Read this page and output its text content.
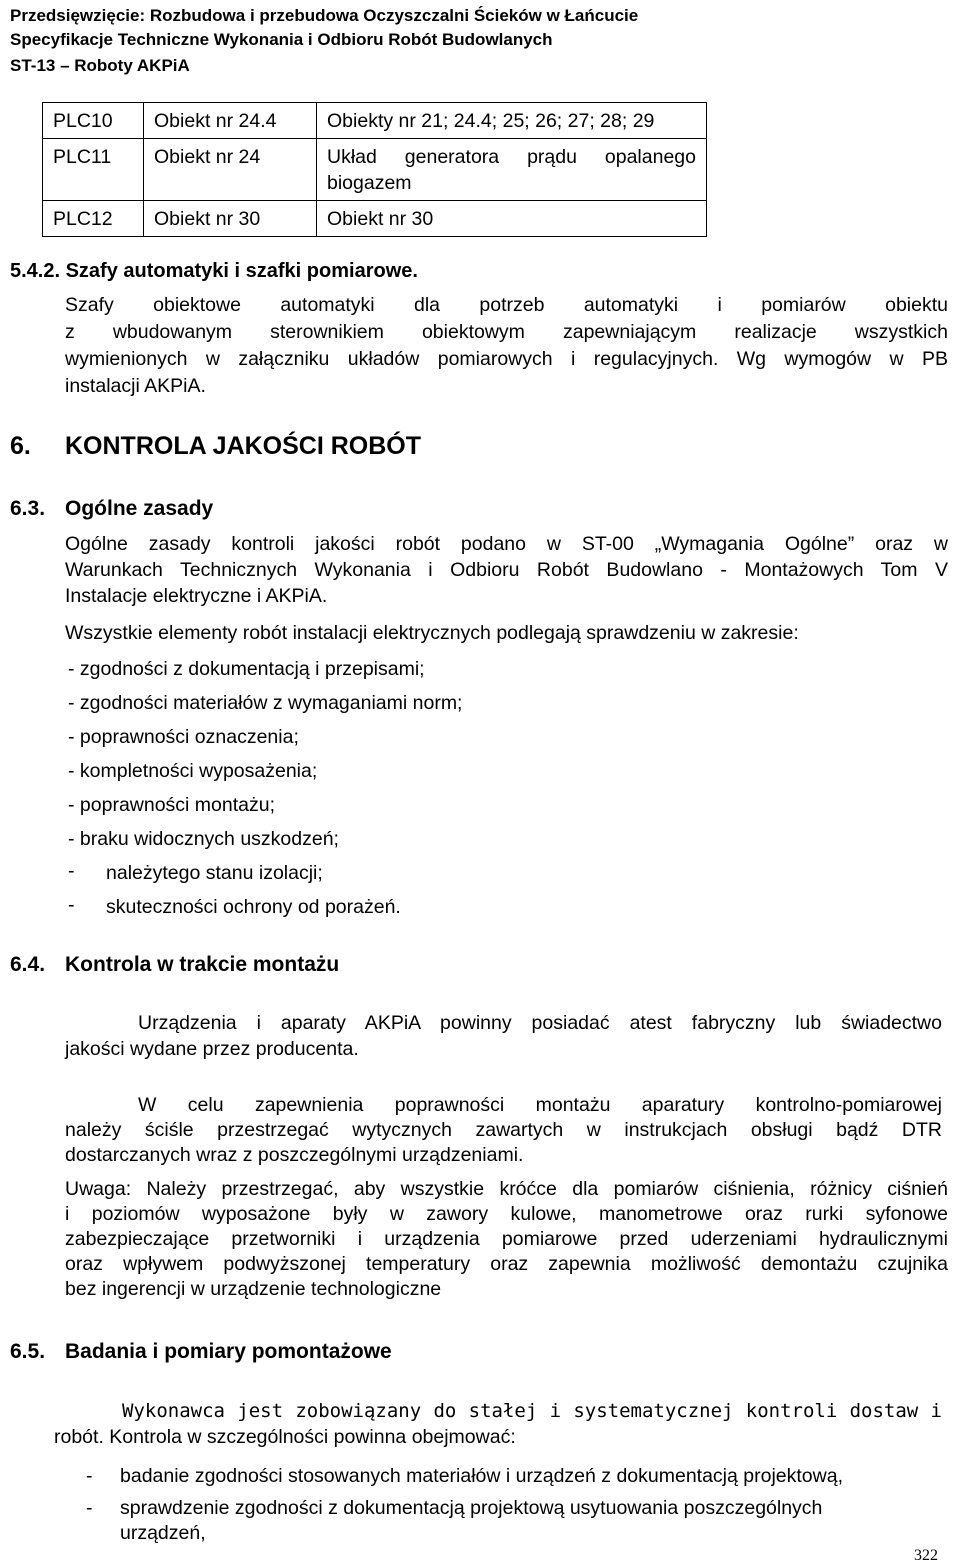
Przedsięwzięcie: Rozbudowa i przebudowa Oczyszczalni Ścieków w Łańcucie
Specyfikacje Techniczne Wykonania i Odbioru Robót Budowlanych
ST-13 – Roboty AKPiA
PLC10	Obiekt nr 24.4	Obiekty nr 21; 24.4; 25; 26; 27; 28; 29
PLC11	Obiekt nr 24	Układ generatora prądu opalanego
biogazem
PLC12	Obiekt nr 30	Obiekt nr 30
5.4.2. Szafy automatyki i szafki pomiarowe.
Szafy obiektowe automatyki dla potrzeb automatyki i pomiarów obiektu
z wbudowanym sterownikiem obiektowym zapewniającym realizacje wszystkich
wymienionych w załączniku układów pomiarowych i regulacyjnych. Wg wymogów w PB
instalacji AKPiA.
6. KONTROLA JAKOŚCI ROBÓT
6.3. Ogólne zasady
Ogólne zasady kontroli jakości robót podano w ST-00 „Wymagania Ogólne” oraz w
Warunkach Technicznych Wykonania i Odbioru Robót Budowlano - Montażowych Tom V
Instalacje elektryczne i AKPiA.
Wszystkie elementy robót instalacji elektrycznych podlegają sprawdzeniu w zakresie:
- zgodności z dokumentacją i przepisami;
- zgodności materiałów z wymaganiami norm;
- poprawności oznaczenia;
- kompletności wyposażenia;
- poprawności montażu;
- braku widocznych uszkodzeń;
- należytego stanu izolacji;
- skuteczności ochrony od porażeń.
6.4. Kontrola w trakcie montażu
Urządzenia i aparaty AKPiA powinny posiadać atest fabryczny lub świadectwo
jakości wydane przez producenta.
W celu zapewnienia poprawności montażu aparatury kontrolno-pomiarowej
należy ściśle przestrzegać wytycznych zawartych w instrukcjach obsługi bądź DTR
dostarczanych wraz z poszczególnymi urządzeniami.
Uwaga: Należy przestrzegać, aby wszystkie króćce dla pomiarów ciśnienia, różnicy ciśnień
i poziomów wyposażone były w zawory kulowe, manometrowe oraz rurki syfonowe
zabezpieczające przetworniki i urządzenia pomiarowe przed uderzeniami hydraulicznymi
oraz wpływem podwyższonej temperatury oraz zapewnia możliwość demontażu czujnika
bez ingerencji w urządzenie technologiczne
6.5. Badania i pomiary pomontażowe
Wykonawca jest zobowiązany do stałej i systematycznej kontroli dostaw i
robót. Kontrola w szczególności powinna obejmować:
- badanie zgodności stosowanych materiałów i urządzeń z dokumentacją projektową,
- sprawdzenie zgodności z dokumentacją projektową usytuowania poszczególnych
urządzeń,
322
